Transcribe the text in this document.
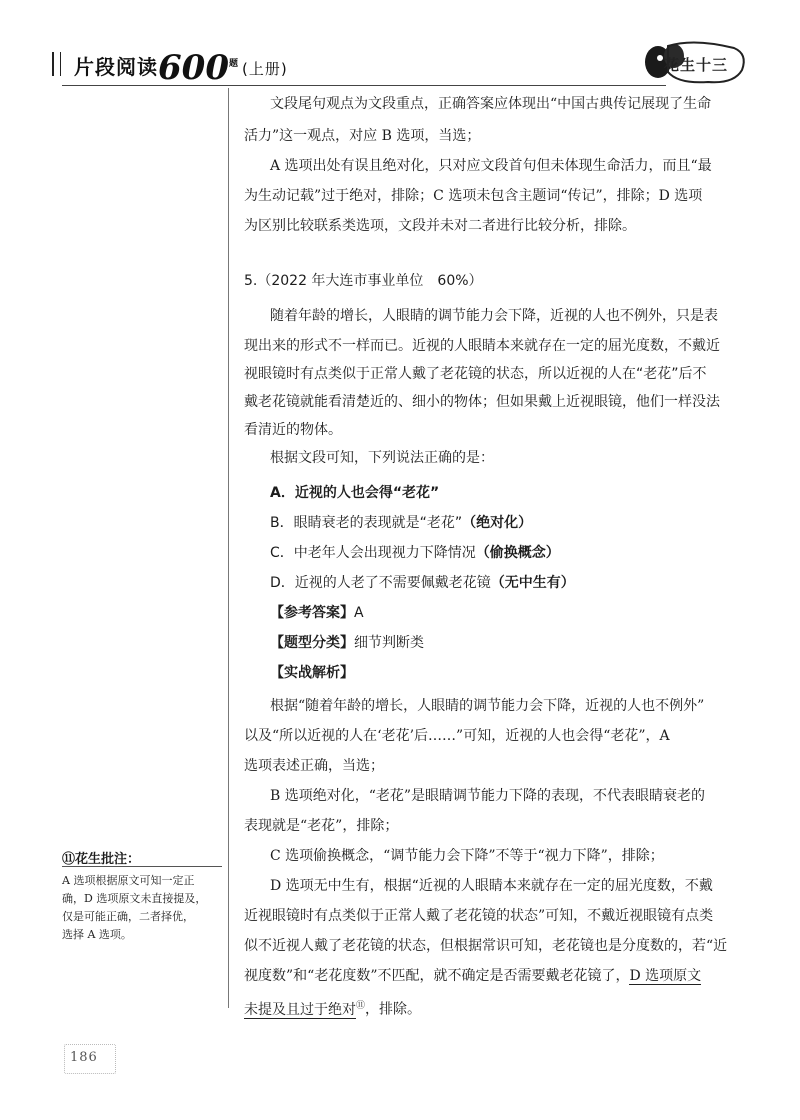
片段阅读$600^题$ (上册)	花生十三
文段尾句观点为文段重点，正确答案应体现出“中国古典传记展现了生命
活力”这一观点，对应 B 选项，当选；
A 选项出处有误且绝对化，只对应文段首句但未体现生命活力，而且“最
为生动记载”过于绝对，排除；C 选项未包含主题词“传记”，排除；D 选项
为区别比较联系类选项，文段并未对二者进行比较分析，排除。
5.（2022 年大连市事业单位　60%）
随着年龄的增长，人眼睛的调节能力会下降，近视的人也不例外，只是表
现出来的形式不一样而已。近视的人眼睛本来就存在一定的屈光度数，不戴近
视眼镜时有点类似于正常人戴了老花镜的状态，所以近视的人在“老花”后不
戴老花镜就能看清楚近的、细小的物体；但如果戴上近视眼镜，他们一样没法
看清近的物体。
根据文段可知，下列说法正确的是：
A．近视的人也会得“老花”
B．眼睛衰老的表现就是“老花”（绝对化）
C．中老年人会出现视力下降情况（偷换概念）
D．近视的人老了不需要佩戴老花镜（无中生有）
【参考答案】A
【题型分类】细节判断类
【实战解析】
根据“随着年龄的增长，人眼睛的调节能力会下降，近视的人也不例外”
以及“所以近视的人在‘老花’后……”可知，近视的人也会得“老花”，A
选项表述正确，当选；
B 选项绝对化，“老花”是眼睛调节能力下降的表现，不代表眼睛衰老的
表现就是“老花”，排除；
C 选项偷换概念，“调节能力会下降”不等于“视力下降”，排除；
D 选项无中生有，根据“近视的人眼睛本来就存在一定的屈光度数，不戴
近视眼镜时有点类似于正常人戴了老花镜的状态”可知，不戴近视眼镜有点类
似不近视人戴了老花镜的状态，但根据常识可知，老花镜也是分度数的，若“近
视度数”和“老花度数”不匹配，就不确定是否需要戴老花镜了，D 选项原文
未提及且过于绝对⑪，排除。
⑪花生批注：
A 选项根据原文可知一定正
确，D 选项原文未直接提及，
仅是可能正确，二者择优，
选择 A 选项。
186
